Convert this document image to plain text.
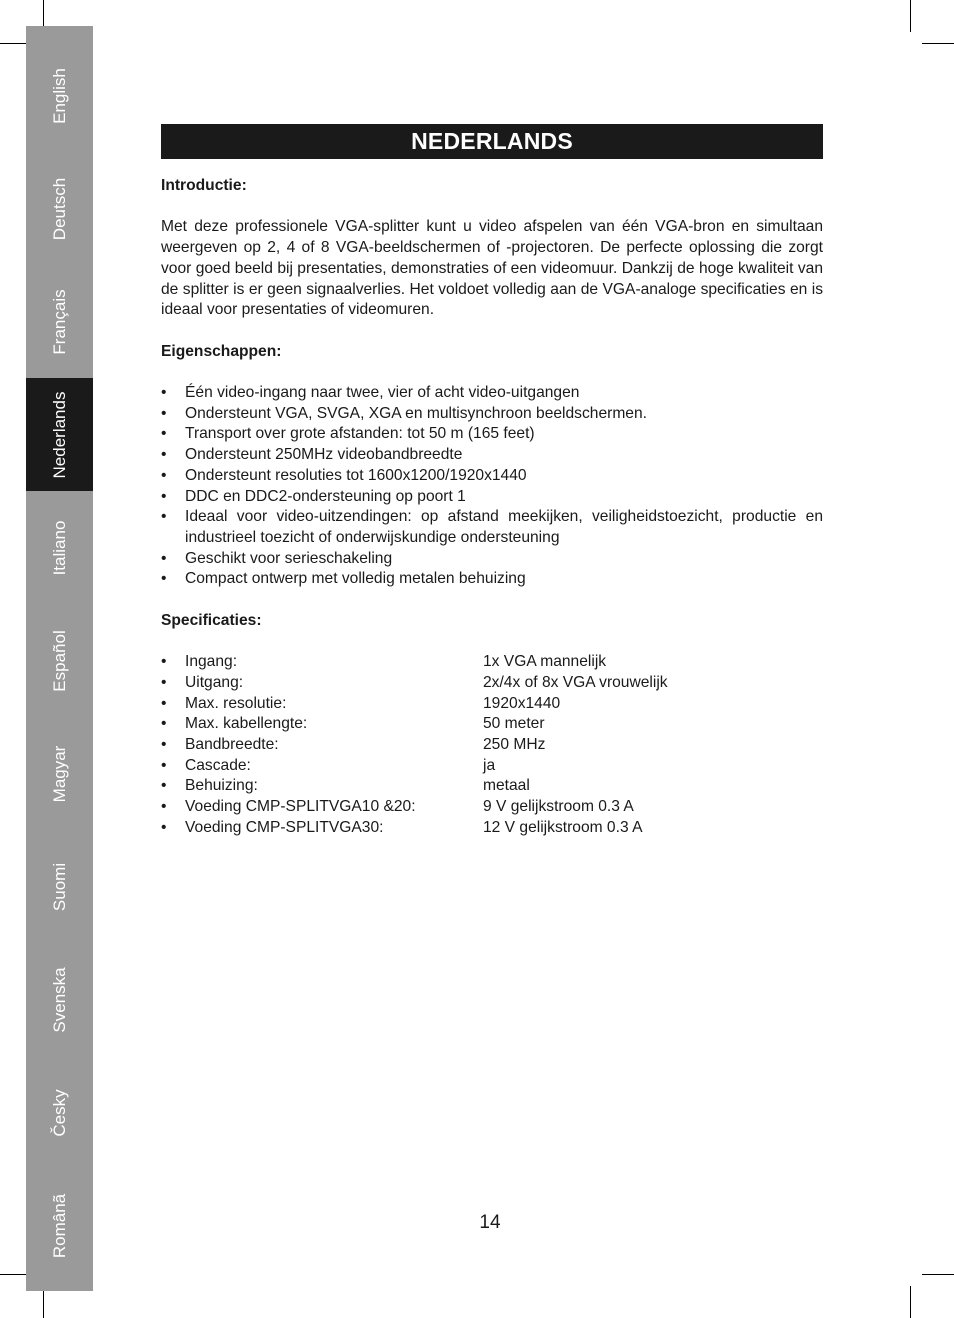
English
Deutsch
Français
Nederlands
Italiano
Español
Magyar
Suomi
Svenska
Česky
Românã
NEDERLANDS

Introductie:

Met deze professionele VGA-splitter kunt u video afspelen van één VGA-bron en simultaan weergeven op 2, 4 of 8 VGA-beeldschermen of -projectoren. De perfecte oplossing die zorgt voor goed beeld bij presentaties, demonstraties of een videomuur. Dankzij de hoge kwaliteit van de splitter is er geen signaalverlies. Het voldoet volledig aan de VGA-analoge specificaties en is ideaal voor presentaties of videomuren.

Eigenschappen:

• Één video-ingang naar twee, vier of acht video-uitgangen
• Ondersteunt VGA, SVGA, XGA en multisynchroon beeldschermen.
• Transport over grote afstanden: tot 50 m (165 feet)
• Ondersteunt 250MHz videobandbreedte
• Ondersteunt resoluties tot 1600x1200/1920x1440
• DDC en DDC2-ondersteuning op poort 1
• Ideaal voor video-uitzendingen: op afstand meekijken, veiligheidstoezicht, productie en industrieel toezicht of onderwijskundige ondersteuning
• Geschikt voor serieschakeling
• Compact ontwerp met volledig metalen behuizing

Specificaties:

• Ingang:	1x VGA mannelijk
• Uitgang:	2x/4x of 8x VGA vrouwelijk
• Max. resolutie:	1920x1440
• Max. kabellengte:	50 meter
• Bandbreedte:	250 MHz
• Cascade:	ja
• Behuizing:	metaal
• Voeding CMP-SPLITVGA10 &20:	9 V gelijkstroom 0.3 A
• Voeding CMP-SPLITVGA30:	12 V gelijkstroom 0.3 A
14
